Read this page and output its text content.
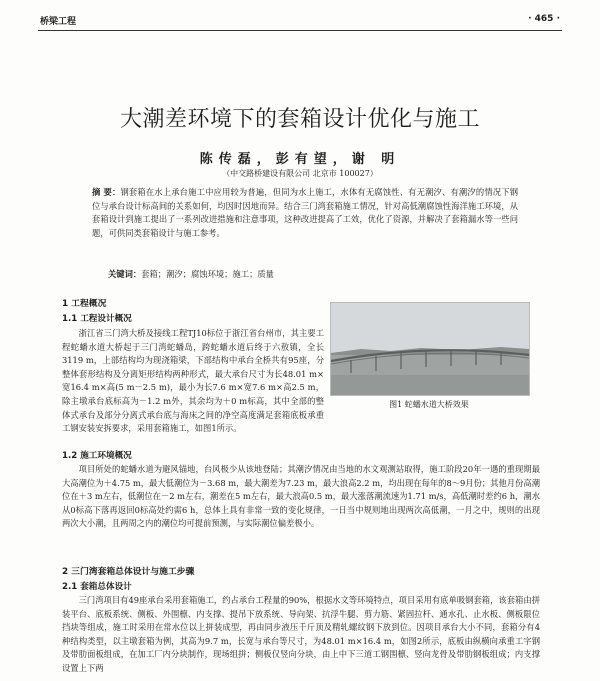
桥梁工程	· 465 ·
大潮差环境下的套箱设计优化与施工
陈传磊，彭有望，谢 明
（中交路桥建设有限公司 北京市 100027）
摘 要：钢套箱在水上承台施工中应用较为普遍，但同为水上施工，水体有无腐蚀性、有无潮汐、有潮汐的情况下钢位与承台设计标高间的关系如何，均因时因地而异。结合三门湾套箱施工情况，针对高低潮腐蚀性海洋施工环境，从套箱设计到施工提出了一系列改进措施和注意事项，这种改进提高了工效，优化了资源，并解决了套箱漏水等一些问题，可供同类套箱设计与施工参考。
关键词：套箱；潮汐；腐蚀环境；施工；质量
1 工程概况
1.1 工程设计概况
浙江省三门湾大桥及接线工程TJ10标位于浙江省台州市，其主要工程蛇蟠水道大桥起于三门湾蛇蟠岛，跨蛇蟠水道后终于六敖镇，全长3119 m，上部结构均为现浇箱梁，下部结构中承台全桥共有95座，分整体套形结构及分离矩形结构两种形式，最大承台尺寸为长48.01 m×宽16.4 m×高(5 m－2.5 m)，最小为长7.6 m×宽7.6 m×高2.5 m，除主墩承台底标高为－1.2 m外，其余均为＋0 m标高，其中全部的整体式承台及部分分离式承台底与海床之间的净空高度满足套箱底板承重工钢安装安拆要求，采用套箱施工，如图1所示。
图1 蛇蟠水道大桥效果
1.2 施工环境概况
项目所处的蛇蟠水道为避风锚地，台风极少从该地登陆；其潮汐情况由当地的水文观测站取得，施工阶段20年一遇的重现期最大高潮位为＋4.75 m，最大低潮位为－3.68 m，最大潮差为7.23 m，最大浪高2.2 m，均出现在每年的8～9月份；其他月份高潮位在＋3 m左右，低潮位在－2 m左右，潮差在5 m左右，最大浪高0.5 m，最大涨落潮流速为1.71 m/s，高低潮时差约6 h，潮水从0标高下落再返回0标高处约需6 h，总体上具有非常一致的变化规律，一日当中规则地出现两次高低潮，一月之中，规则的出现两次大小潮，且两周之内的潮位均可提前预测，与实际潮位偏差极小。
2 三门湾套箱总体设计与施工步骤
2.1 套箱总体设计
三门湾项目有49座承台采用套箱施工，约占承台工程量的90%，根据水文等环境特点，项目采用有底单吸钢套箱，该套箱由拼装平台、底板系统、侧板、外围檩、内支撑、提吊下放系统、导向架、抗浮牛腿、剪力筋、紧固拉杆、通水孔、止水板、侧板限位挡块等组成，施工时采用在常水位以上拼装成型，再由同步液压千斤顶及精轧螺纹钢下放到位。因项目承台大小不同，套箱分有4种结构类型，以主墩套箱为例，其高为9.7 m，长宽与承台等尺寸，为48.01 m×16.4 m，如图2所示，底板由纵横向承重工字钢及带肋面板组成，在加工厂内分块制作，现场组拼；侧板仅竖向分块，由上中下三道工钢围檩、竖向龙骨及带肋钢板组成；内支撑设置上下两
